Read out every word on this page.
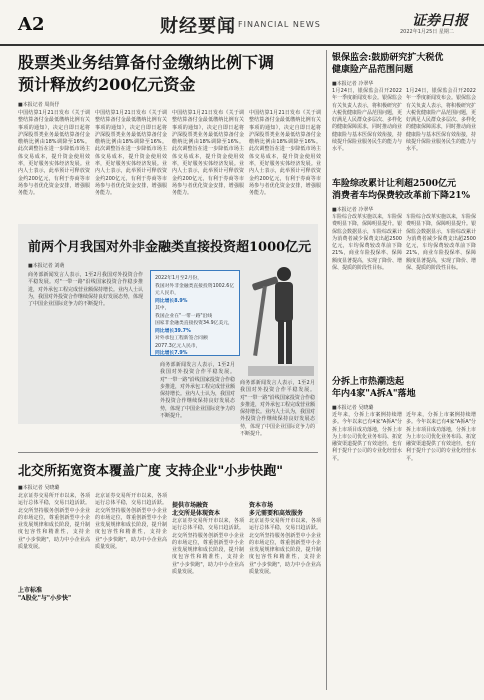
A2	财经要闻 FINANCIAL NEWS	证券日报
2022年1月25日 星期二
股票类业务结算备付金缴纳比例下调
预计释放约200亿元资金
■本报记者 周尚伃
中国结算1月21日发布《关于调整结算备付金最低缴纳比例有关事项的通知》，决定自即日起将沪深股票类业务最低结算备付金缴纳比例由18%调降至16%。此次调整旨在进一步降低市场主体交易成本，提升资金使用效率，更好服务实体经济发展。业内人士表示，此举预计可释放资金约200亿元，有利于券商等市场参与者优化资金安排，增强服务能力。
中国结算1月21日发布《关于调整结算备付金最低缴纳比例有关事项的通知》，决定自即日起将沪深股票类业务最低结算备付金缴纳比例由18%调降至16%。此次调整旨在进一步降低市场主体交易成本，提升资金使用效率，更好服务实体经济发展。业内人士表示，此举预计可释放资金约200亿元，有利于券商等市场参与者优化资金安排，增强服务能力。
中国结算1月21日发布《关于调整结算备付金最低缴纳比例有关事项的通知》，决定自即日起将沪深股票类业务最低结算备付金缴纳比例由18%调降至16%。此次调整旨在进一步降低市场主体交易成本，提升资金使用效率，更好服务实体经济发展。业内人士表示，此举预计可释放资金约200亿元，有利于券商等市场参与者优化资金安排，增强服务能力。
中国结算1月21日发布《关于调整结算备付金最低缴纳比例有关事项的通知》，决定自即日起将沪深股票类业务最低结算备付金缴纳比例由18%调降至16%。此次调整旨在进一步降低市场主体交易成本，提升资金使用效率，更好服务实体经济发展。业内人士表示，此举预计可释放资金约200亿元，有利于券商等市场参与者优化资金安排，增强服务能力。
银保监会:鼓励研究扩大税优
健康险产品范围问题
■本报记者 冷翠华
1月24日，银保监会召开2022年一季度新闻发布会。银保监会有关负责人表示，将积极研究扩大税优健康险产品范围问题，更好满足人民群众多层次、多样化的健康保障需求，同时推动商业健康险与基本医保有效衔接，持续提升保险业服务民生的能力与水平。
1月24日，银保监会召开2022年一季度新闻发布会。银保监会有关负责人表示，将积极研究扩大税优健康险产品范围问题，更好满足人民群众多层次、多样化的健康保障需求，同时推动商业健康险与基本医保有效衔接，持续提升保险业服务民生的能力与水平。
车险综改累计让利超2500亿元
消费者车均保费较改革前下降21%
■本报记者 冷翠华
车险综合改革实施以来，车险保费明显下降，保障明显提升。银保监会数据显示，车险综改累计为消费者减少保费支出超2500亿元，车均保费较改革前下降21%，商业车险投保率、保障额度显著提高，实现了降价、增保、提质的阶段性目标。
车险综合改革实施以来，车险保费明显下降，保障明显提升。银保监会数据显示，车险综改累计为消费者减少保费支出超2500亿元，车均保费较改革前下降21%，商业车险投保率、保障额度显著提高，实现了降价、增保、提质的阶段性目标。
分拆上市热潮迭起
年内4家"A拆A"落地
■本报记者 吴晓璐
近年来，分拆上市案例持续增多。今年以来已有4家"A拆A"分拆上市项目成功落地，分拆上市为上市公司优化业务布局、拓宽融资渠道提供了有效途径，也有利于提升子公司的专业化经营水平。
近年来，分拆上市案例持续增多。今年以来已有4家"A拆A"分拆上市项目成功落地，分拆上市为上市公司优化业务布局、拓宽融资渠道提供了有效途径，也有利于提升子公司的专业化经营水平。
前两个月我国对外非金融类直接投资超1000亿元
■本报记者 刘萌
商务部新闻发言人表示，1至2月我国对外投资合作平稳发展。对"一带一路"沿线国家投资合作稳步推进，对外承包工程完成营业额保持增长。业内人士认为，我国对外投资合作继续保持良好发展态势，体现了中国企业国际竞争力的不断提升。

2022年1月至2月份，

我国对外非金融类直接投资1002.6亿元人民币，

同比增长8.9%

其中，

我国企业在"一带一路"沿线

国家非金融类直接投资34.9亿美元，

同比增长39.7%

对外承包工程新签合同额

2077.3亿元人民币，

同比增长7.9%

商务部新闻发言人表示，1至2月我国对外投资合作平稳发展。对"一带一路"沿线国家投资合作稳步推进，对外承包工程完成营业额保持增长。业内人士认为，我国对外投资合作继续保持良好发展态势，体现了中国企业国际竞争力的不断提升。
商务部新闻发言人表示，1至2月我国对外投资合作平稳发展。对"一带一路"沿线国家投资合作稳步推进，对外承包工程完成营业额保持增长。业内人士认为，我国对外投资合作继续保持良好发展态势，体现了中国企业国际竞争力的不断提升。
北交所拓宽资本覆盖广度 支持企业"小步快跑"
■本报记者 吴晓璐
北京证券交易所开市以来，各项运行总体平稳，交易日趋活跃。北交所坚持服务创新型中小企业的市场定位，尊重创新型中小企业发展规律和成长阶段，提升制度包容性和精准性，支持企业"小步快跑"，助力中小企业高质量发展。
上市标准
"A股化"与"小步快"
北京证券交易所开市以来，各项运行总体平稳，交易日趋活跃。北交所坚持服务创新型中小企业的市场定位，尊重创新型中小企业发展规律和成长阶段，提升制度包容性和精准性，支持企业"小步快跑"，助力中小企业高质量发展。
提供市场融资
北交所是体现资本
北京证券交易所开市以来，各项运行总体平稳，交易日趋活跃。北交所坚持服务创新型中小企业的市场定位，尊重创新型中小企业发展规律和成长阶段，提升制度包容性和精准性，支持企业"小步快跑"，助力中小企业高质量发展。
资本市场
多元需要和高效服务
北京证券交易所开市以来，各项运行总体平稳，交易日趋活跃。北交所坚持服务创新型中小企业的市场定位，尊重创新型中小企业发展规律和成长阶段，提升制度包容性和精准性，支持企业"小步快跑"，助力中小企业高质量发展。
